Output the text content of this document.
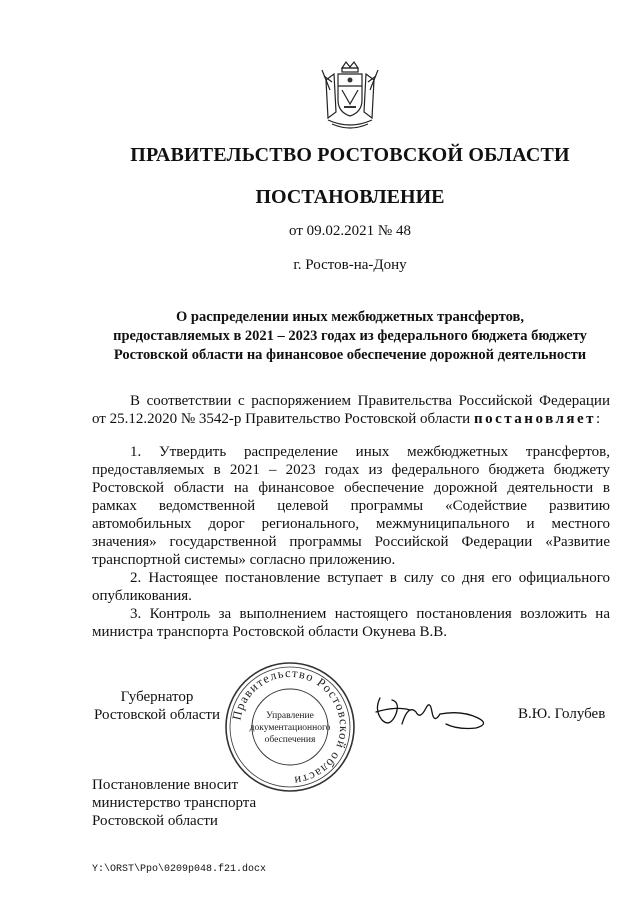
ПРАВИТЕЛЬСТВО РОСТОВСКОЙ ОБЛАСТИ
ПОСТАНОВЛЕНИЕ
от 09.02.2021 № 48
г. Ростов-на-Дону
О распределении иных межбюджетных трансфертов,
предоставляемых в 2021 – 2023 годах из федерального бюджета бюджету
Ростовской области на финансовое обеспечение дорожной деятельности

В соответствии с распоряжением Правительства Российской Федерации от 25.12.2020 № 3542-р Правительство Ростовской области постановляет:

1. Утвердить распределение иных межбюджетных трансфертов, предоставляемых в 2021 – 2023 годах из федерального бюджета бюджету Ростовской области на финансовое обеспечение дорожной деятельности в рамках ведомственной целевой программы «Содействие развитию автомобильных дорог регионального, межмуниципального и местного значения» государственной программы Российской Федерации «Развитие транспортной системы» согласно приложению.

2. Настоящее постановление вступает в силу со дня его официального опубликования.

3. Контроль за выполнением настоящего постановления возложить на министра транспорта Ростовской области Окунева В.В.

Губернатор
Ростовской области Правительство Ростовской области
Управление
документационного
обеспечения
В.Ю. Голубев
Постановление вносит
министерство транспорта
Ростовской области
Y:\ORST\Ppo\0209p048.f21.docx
